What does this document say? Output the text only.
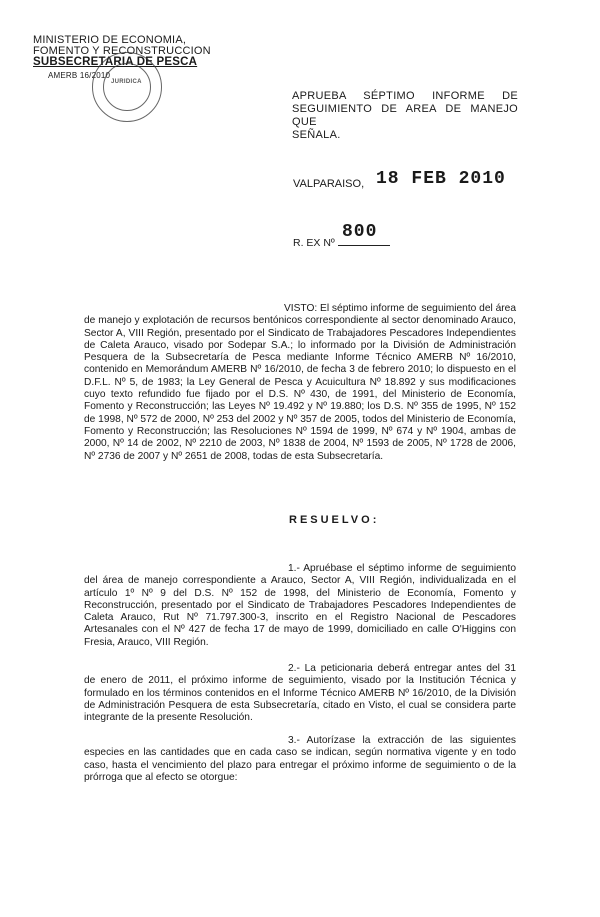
MINISTERIO DE ECONOMIA,
FOMENTO Y RECONSTRUCCION
SUBSECRETARIA DE PESCA
AMERB 16/2010
JURIDICA
APRUEBA SÉPTIMO INFORME DE
SEGUIMIENTO DE AREA DE MANEJO QUE
SEÑALA.
VALPARAISO, 18 FEB 2010
R. EX Nº
800

VISTO: El séptimo informe de seguimiento del área de manejo y explotación de recursos bentónicos correspondiente al sector denominado Arauco, Sector A, VIII Región, presentado por el Sindicato de Trabajadores Pescadores Independientes de Caleta Arauco, visado por Sodepar S.A.; lo informado por la División de Administración Pesquera de la Subsecretaría de Pesca mediante Informe Técnico AMERB Nº 16/2010, contenido en Memorándum AMERB Nº 16/2010, de fecha 3 de febrero 2010; lo dispuesto en el D.F.L. Nº 5, de 1983; la Ley General de Pesca y Acuicultura Nº 18.892 y sus modificaciones cuyo texto refundido fue fijado por el D.S. Nº 430, de 1991, del Ministerio de Economía, Fomento y Reconstrucción; las Leyes Nº 19.492 y Nº 19.880; los D.S. Nº 355 de 1995, Nº 152 de 1998, Nº 572 de 2000, Nº 253 del 2002 y Nº 357 de 2005, todos del Ministerio de Economía, Fomento y Reconstrucción; las Resoluciones Nº 1594 de 1999, Nº 674 y Nº 1904, ambas de 2000, Nº 14 de 2002, Nº 2210 de 2003, Nº 1838 de 2004, Nº 1593 de 2005, Nº 1728 de 2006, Nº 2736 de 2007 y Nº 2651 de 2008, todas de esta Subsecretaría.

RESUELVO:

1.- Apruébase el séptimo informe de seguimiento del área de manejo correspondiente a Arauco, Sector A, VIII Región, individualizada en el artículo 1º Nº 9 del D.S. Nº 152 de 1998, del Ministerio de Economía, Fomento y Reconstrucción, presentado por el Sindicato de Trabajadores Pescadores Independientes de Caleta Arauco, Rut Nº 71.797.300-3, inscrito en el Registro Nacional de Pescadores Artesanales con el Nº 427 de fecha 17 de mayo de 1999, domiciliado en calle O'Higgins con Fresia, Arauco, VIII Región.

2.- La peticionaria deberá entregar antes del 31 de enero de 2011, el próximo informe de seguimiento, visado por la Institución Técnica y formulado en los términos contenidos en el Informe Técnico AMERB Nº 16/2010, de la División de Administración Pesquera de esta Subsecretaría, citado en Visto, el cual se considera parte integrante de la presente Resolución.

3.- Autorízase la extracción de las siguientes especies en las cantidades que en cada caso se indican, según normativa vigente y en todo caso, hasta el vencimiento del plazo para entregar el próximo informe de seguimiento o de la prórroga que al efecto se otorgue:
